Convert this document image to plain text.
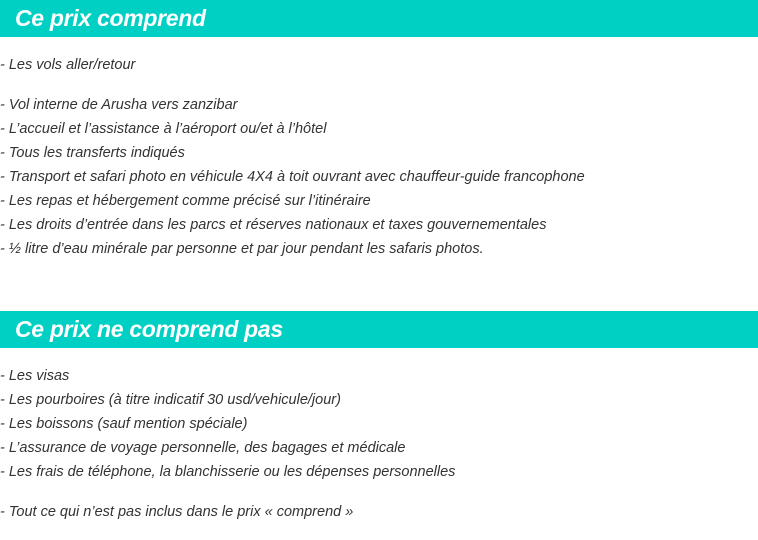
Ce prix comprend
- Les vols aller/retour
- Vol interne de Arusha vers zanzibar
- L’accueil et l’assistance à l’aéroport ou/et à l’hôtel
- Tous les transferts indiqués
- Transport et safari photo en véhicule 4X4 à toit ouvrant avec chauffeur-guide francophone
- Les repas et hébergement comme précisé sur l’itinéraire
- Les droits d’entrée dans les parcs et réserves nationaux et taxes gouvernementales
- ½ litre d’eau minérale par personne et par jour pendant les safaris photos.
Ce prix ne comprend pas
- Les visas
- Les pourboires (à titre indicatif 30 usd/vehicule/jour)
- Les boissons (sauf mention spéciale)
- L’assurance de voyage personnelle, des bagages et médicale
- Les frais de téléphone, la blanchisserie ou les dépenses personnelles
- Tout ce qui n’est pas inclus dans le prix « comprend »
